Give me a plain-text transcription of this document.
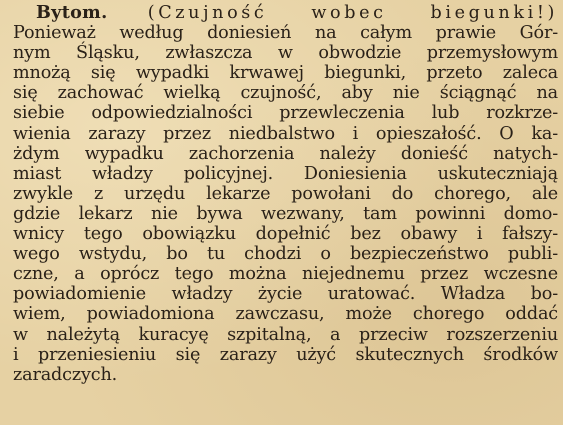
Bytom. (Czujność wobec biegunki!)
Ponieważ według doniesień na całym prawie Gór-
nym Śląsku, zwłaszcza w obwodzie przemysłowym
mnożą się wypadki krwawej biegunki, przeto zaleca
się zachować wielką czujność, aby nie ściągnąć na
siebie odpowiedzialności przewleczenia lub rozkrze-
wienia zarazy przez niedbalstwo i opieszałość. O ka-
żdym wypadku zachorzenia należy donieść natych-
miast władzy policyjnej. Doniesienia uskuteczniają
zwykle z urzędu lekarze powołani do chorego, ale
gdzie lekarz nie bywa wezwany, tam powinni domo-
wnicy tego obowiązku dopełnić bez obawy i fałszy-
wego wstydu, bo tu chodzi o bezpieczeństwo publi-
czne, a oprócz tego można niejednemu przez wczesne
powiadomienie władzy życie uratować. Władza bo-
wiem, powiadomiona zawczasu, może chorego oddać
w należytą kuracyę szpitalną, a przeciw rozszerzeniu
i przeniesieniu się zarazy użyć skutecznych środków
zaradczych.
